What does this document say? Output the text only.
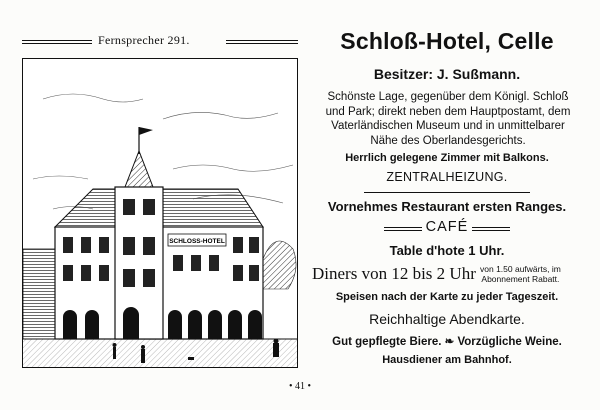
Fernsprecher 291.
SCHLOSS-HOTEL
Schloß-Hotel, Celle
Besitzer: J. Sußmann.
Schönste Lage, gegenüber dem Königl. Schloß
und Park; direkt neben dem Hauptpostamt, dem
Vaterländischen Museum und in unmittelbarer
Nähe des Oberlandesgerichts.
Herrlich gelegene Zimmer mit Balkons.
ZENTRALHEIZUNG.
Vornehmes Restaurant ersten Ranges.
CAFÉ
Table d'hote 1 Uhr.
Diners von 12 bis 2 Uhr von 1.50 aufwärts, im
Abonnement Rabatt.
Speisen nach der Karte zu jeder Tageszeit.
Reichhaltige Abendkarte.
Gut gepflegte Biere. ❧ Vorzügliche Weine.
Hausdiener am Bahnhof.
• 41 •
